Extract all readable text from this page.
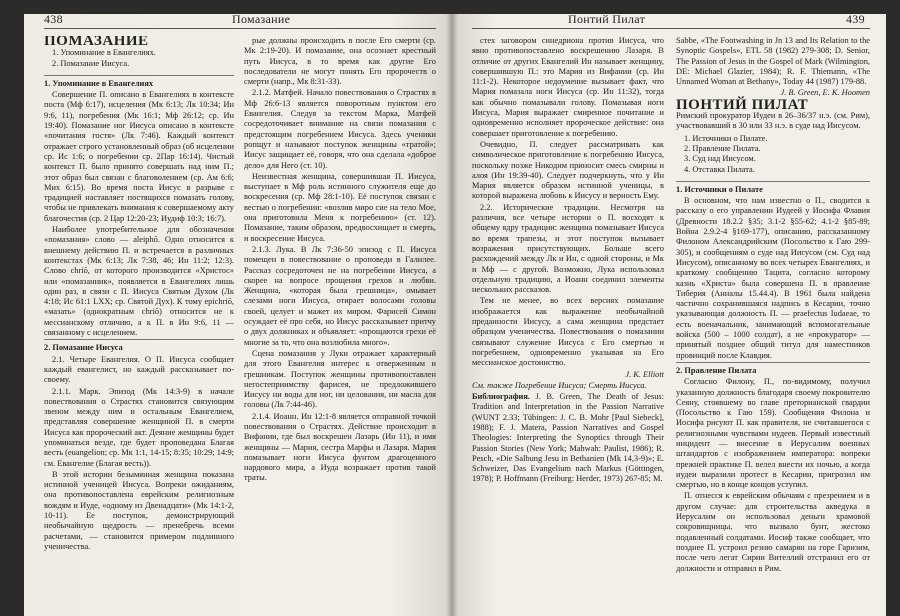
438	Помазание

ПОМАЗАНИЕ

1. Упоминание в Евангелиях.
2. Помазание Иисуса.

1. Упоминание в Евангелиях

Совершение П. описано в Евангелиях в контексте поста (Мф 6:17), исцеления (Мк 6:13; Лк 10:34; Ин 9:6, 11), погребения (Мк 16:1; Мф 26:12; ср. Ин 19:40). Помазание ног Иисуса описано в контексте «почитания гостя» (Лк 7:46). Каждый контекст отражает строго установленный образ (об исцелении ср. Ис 1:6; о погребении ср. 2Пар 16:14). Чистый контекст П. было принято совершать над ним П.; этот образ был связан с благоволением (ср. Ам 6:6; Мих 6:15). Во время поста Иисус в разрыве с традицией наставляет постящихся помазать голову, чтобы не привлекать внимания к совершаемому акту благочестия (ср. 2 Цар 12:20-23; Иудиф 10:3; 16:7).

Наиболее употребительное для обозначения «помазания» слово — aleiphō. Одно относится к внешнему действию П. и встречается в различных контекстах (Мк 6:13; Лк 7:38, 46; Ин 11:2; 12:3). Слово chriō, от которого производится «Христос» или «помазанник», появляется в Евангелиях лишь один раз, в связи с П. Иисуса Святым Духом (Лк 4:18; Ис 61:1 LXX; ср. Святой Дух). К тому epichriō, «мазать» (однократным chriō) относится не к мессианскому отличию, а к П. в Ин 9:6, 11 — связанному с исцелением.

2. Помазание Иисуса

2.1. Четыре Евангелия. О П. Иисуса сообщает каждый евангелист, но каждый рассказывает по-своему.

2.1.1. Марк. Эпизод (Мк 14:3-9) в начале повествования о Страстях становится связующим звеном между ним и остальным Евангелием, представляя совершение женщиной П. в смерти Иисуса как пророческий акт. Деяние женщины будет упоминаться везде, где будет проповедана Благая весть (euangelion; ср. Мк 1:1, 14-15; 8:35; 10:29; 14:9; см. Евангелие (Благая весть)).

В этой истории безымянная женщина показана истинной ученицей Иисуса. Вопреки ожиданиям, она противопоставлена еврейским религиозным вождям и Иуде, «одному из Двенадцати» (Мк 14:1-2, 10-11). Ее поступок, демонстрирующий необычайную щедрость — пренебречь всеми расчетами, — становится примером подлинного ученичества.

рые должны происходить в после Его смерти (ср. Мк 2:19-20). И помазание, она осознает крестный путь Иисуса, в то время как другие Его последователи не могут понять Его пророчеств о смерти (напр., Мк 8:31-33).

2.1.2. Матфей. Начало повествования о Страстях в Мф 26:6-13 является поворотным пунктом его Евангелия. Следуя за текстом Марка, Матфей сосредоточивает внимание на связи помазания с предстоящим погребением Иисуса. Здесь ученики ропщут и называют поступок женщины «тратой»; Иисус защищает её, говоря, что она сделала «доброе дело» для Него (ст. 10).

Неизвестная женщина, совершившая П. Иисуса, выступает в Мф роль истинного служителя еще до воскресения (ср. Мф 28:1-10). Её поступок связан с вестью о погребении: «возлив миро сие на тело Мое, она приготовила Меня к погребению» (ст. 12). Помазание, таким образом, предвосхищает и смерть, и воскресение Иисуса.

2.1.3. Лука. В Лк 7:36-50 эпизод с П. Иисуса помещен в повествование о проповеди в Галилее. Рассказ сосредоточен не на погребении Иисуса, а скорее на вопросе прощения грехов и любви. Женщина, «которая была грешница», омывает слезами ноги Иисуса, отирает волосами головы своей, целует и мажет их миром. Фарисей Симон осуждает её про себя, но Иисус рассказывает притчу о двух должниках и объявляет: «прощаются грехи её многие за то, что она возлюбила много».

Сцена помазания у Луки отражает характерный для этого Евангелия интерес к отверженным и грешникам. Поступок женщины противопоставлен негостеприимству фарисея, не предложившего Иисусу ни воды для ног, ни целования, ни масла для головы (Лк 7:44-46).

2.1.4. Иоанн. Ин 12:1-8 является отправной точкой повествования о Страстях. Действие происходит в Вифании, где был воскрешен Лазарь (Ин 11), и имя женщины — Мария, сестра Марфы и Лазаря. Мария помазывает ноги Иисуса фунтом драгоценного нардового мира, а Иуда возражает против такой траты.

Понтий Пилат	439

стех заговором синедриона против Иисуса, что явно противопоставлено воскрешению Лазаря. В отличие от других Евангелий Ин называет женщину, совершившую П.: это Мария из Вифании (ср. Ин 11:1-2). Некоторое недоумение вызывает факт, что Мария помазала ноги Иисуса (ср. Ин 11:32), тогда как обычно помазывали голову. Помазывая ноги Иисуса, Мария выражает смиренное почитание и одновременно исполняет пророческое действие: она совершает приготовление к погребению.

Очевидно, П. следует рассматривать как символическое приготовление к погребению Иисуса, поскольку позже Никодим приносит смесь смирны и алоя (Ин 19:39-40). Следует подчеркнуть, что у Ин Мария является образом истинной ученицы, в которой выражена любовь к Иисусу и верность Ему.

2.2. Исторические традиции. Несмотря на различия, все четыре истории о П. восходят к общему ядру традиции: женщина помазывает Иисуса во время трапезы, и этот поступок вызывает возражения присутствующих. Больше всего расхождений между Лк и Ин, с одной стороны, и Мк и Мф — с другой. Возможно, Лука использовал отдельную традицию, а Иоанн соединил элементы нескольких рассказов.

Тем не менее, во всех версиях помазание изображается как выражение необычайной преданности Иисусу, а сама женщина предстает образцом ученичества. Повествования о помазании связывают служение Иисуса с Его смертью и погребением, одновременно указывая на Его мессианское достоинство.

J. K. Elliott

См. также Погребение Иисуса; Смерть Иисуса.

Библиография. J. B. Green, The Death of Jesus: Tradition and Interpretation in the Passion Narrative (WUNT 2.33; Tübingen: J. C. B. Mohr [Paul Siebeck], 1988); F. J. Matera, Passion Narratives and Gospel Theologies: Interpreting the Synoptics through Their Passion Stories (New York; Mahwah: Paulist, 1986); R. Pesch, «Die Salbung Jesu in Bethanien (Mk 14,3-9)»; E. Schweizer, Das Evangelium nach Markus (Göttingen, 1978); P. Hoffmann (Freiburg: Herder, 1973) 267-85; M.

Sabbe, «The Footwashing in Jn 13 and Its Relation to the Synoptic Gospels», ETL 58 (1982) 279-308; D. Senior, The Passion of Jesus in the Gospel of Mark (Wilmington, DE: Michael Glazier, 1984); R. F. Thiemann, «The Unnamed Woman at Bethany», Today 44 (1987) 179-88.

J. B. Green, E. K. Hoomen

ПОНТИЙ ПИЛАТ

Римский прокуратор Иудеи в 26–36/37 н.э. (см. Рим), участвовавший в 30 или 33 н.э. в суде над Иисусом.

1. Источники о Пилате.
2. Правление Пилата.
3. Суд над Иисусом.
4. Отставка Пилата.

1. Источники о Пилате

В основном, что нам известно о П., сводится к рассказу о его управлении Иудеей у Иосифа Флавия (Древности 18.2.2 §35; 3.1-2 §55-62; 4.1-2 §85-89; Война 2.9.2-4 §169-177), описанию, рассказанному Филоном Александрийским (Посольство к Гаю 299-305), и сообщениям о суде над Иисусом (см. Суд над Иисусом), описанному во всех четырех Евангелиях, и краткому сообщению Тацита, согласно которому казнь «Христа» была совершена П. в правление Тиберия (Анналы 15.44.4). В 1961 была найдена частично сохранившаяся надпись в Кесарии, точно указывающая должность П. — praefectus Iudaeae, то есть военачальник, занимающий вспомогательные войска (500 – 1000 солдат), а не «прокуратор» — принятый позднее общий титул для наместников провинций после Клавдия.

2. Правление Пилата

Согласно Филону, П., по-видимому, получил указанную должность благодаря своему покровителю Сеяну, стоявшему во главе преторианской гвардии (Посольство к Гаю 159). Сообщения Филона и Иосифа рисуют П. как правителя, не считавшегося с религиозными чувствами иудеев. Первый известный инцидент — внесение в Иерусалим военных штандартов с изображением императора: вопреки прежней практике П. велел внести их ночью, а когда иудеи выразили протест в Кесарии, пригрозил им смертью, но в конце концов уступил.

П. отнесся к еврейским обычаям с презрением и в другом случае: для строительства акведука в Иерусалим он использовал деньги храмовой сокровищницы, что вызвало бунт, жестоко подавленный солдатами. Иосиф также сообщает, что позднее П. устроил резню самарян на горе Гаризим, после чего легат Сирии Вителлий отстранил его от должности и отправил в Рим.
